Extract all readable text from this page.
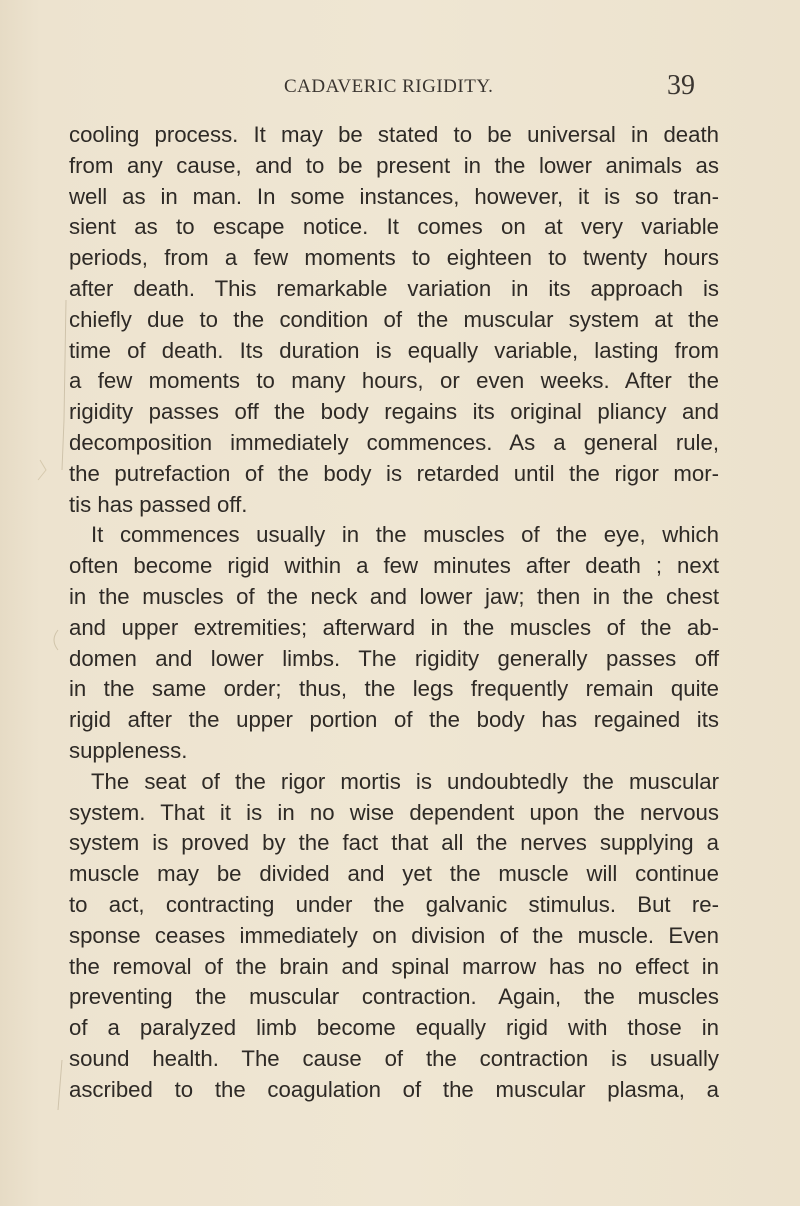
CADAVERIC RIGIDITY.	39
cooling process. It may be stated to be universal in death
from any cause, and to be present in the lower animals as
well as in man. In some instances, however, it is so tran-
sient as to escape notice. It comes on at very variable
periods, from a few moments to eighteen to twenty hours
after death. This remarkable variation in its approach is
chiefly due to the condition of the muscular system at the
time of death. Its duration is equally variable, lasting from
a few moments to many hours, or even weeks. After the
rigidity passes off the body regains its original pliancy and
decomposition immediately commences. As a general rule,
the putrefaction of the body is retarded until the rigor mor-
tis has passed off.
It commences usually in the muscles of the eye, which
often become rigid within a few minutes after death ; next
in the muscles of the neck and lower jaw; then in the chest
and upper extremities; afterward in the muscles of the ab-
domen and lower limbs. The rigidity generally passes off
in the same order; thus, the legs frequently remain quite
rigid after the upper portion of the body has regained its
suppleness.
The seat of the rigor mortis is undoubtedly the muscular
system. That it is in no wise dependent upon the nervous
system is proved by the fact that all the nerves supplying a
muscle may be divided and yet the muscle will continue
to act, contracting under the galvanic stimulus. But re-
sponse ceases immediately on division of the muscle. Even
the removal of the brain and spinal marrow has no effect in
preventing the muscular contraction. Again, the muscles
of a paralyzed limb become equally rigid with those in
sound health. The cause of the contraction is usually
ascribed to the coagulation of the muscular plasma, a
